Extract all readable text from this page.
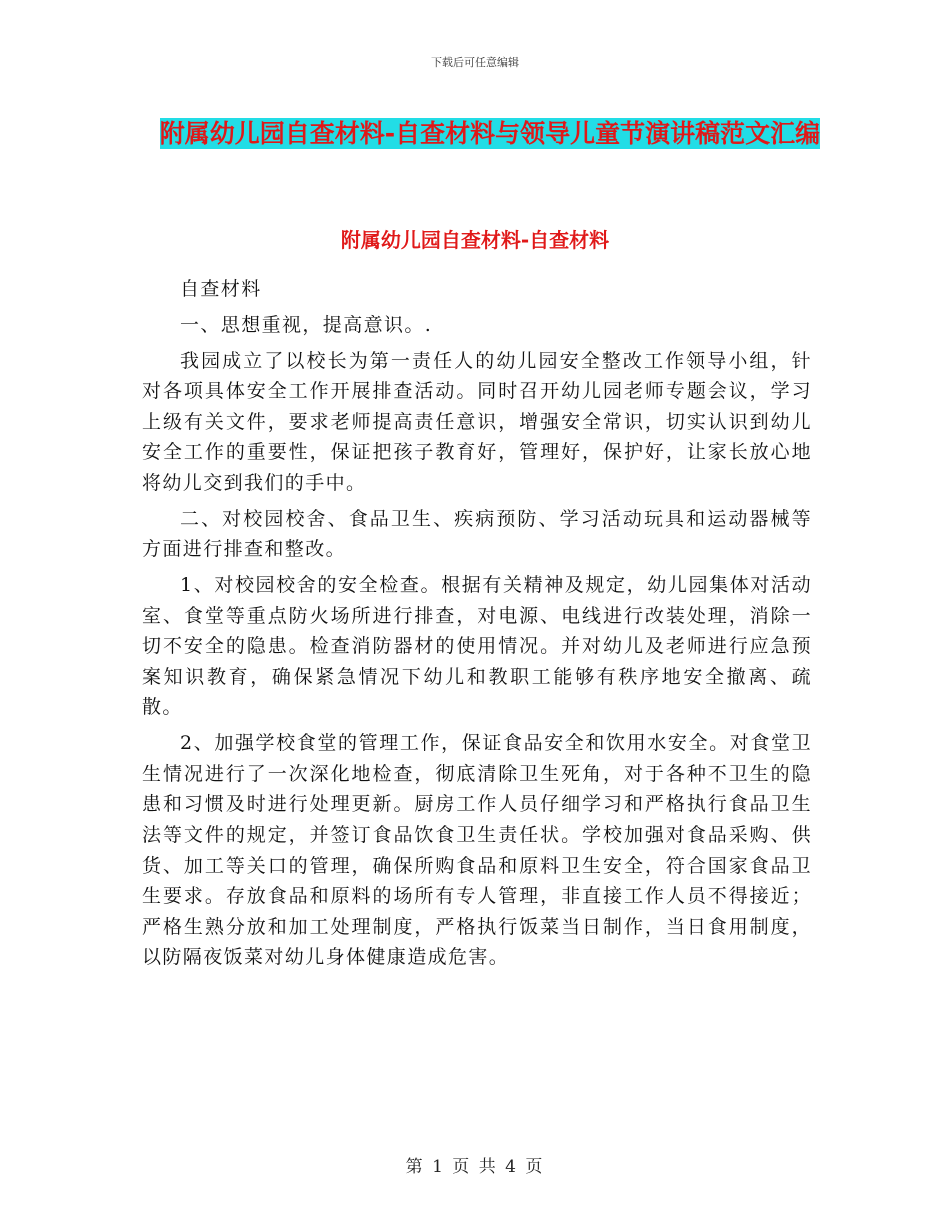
下载后可任意编辑
附属幼儿园自查材料-自查材料与领导儿童节演讲稿范文汇编
附属幼儿园自查材料-自查材料

自查材料

一、思想重视，提高意识。.

我园成立了以校长为第一责任人的幼儿园安全整改工作领导小组，针对各项具体安全工作开展排查活动。同时召开幼儿园老师专题会议，学习上级有关文件，要求老师提高责任意识，增强安全常识，切实认识到幼儿安全工作的重要性，保证把孩子教育好，管理好，保护好，让家长放心地将幼儿交到我们的手中。

二、对校园校舍、食品卫生、疾病预防、学习活动玩具和运动器械等方面进行排查和整改。

1、对校园校舍的安全检查。根据有关精神及规定，幼儿园集体对活动室、食堂等重点防火场所进行排查，对电源、电线进行改装处理，消除一切不安全的隐患。检查消防器材的使用情况。并对幼儿及老师进行应急预案知识教育，确保紧急情况下幼儿和教职工能够有秩序地安全撤离、疏散。

2、加强学校食堂的管理工作，保证食品安全和饮用水安全。对食堂卫生情况进行了一次深化地检查，彻底清除卫生死角，对于各种不卫生的隐患和习惯及时进行处理更新。厨房工作人员仔细学习和严格执行食品卫生法等文件的规定，并签订食品饮食卫生责任状。学校加强对食品采购、供货、加工等关口的管理，确保所购食品和原料卫生安全，符合国家食品卫生要求。存放食品和原料的场所有专人管理，非直接工作人员不得接近；严格生熟分放和加工处理制度，严格执行饭菜当日制作，当日食用制度，以防隔夜饭菜对幼儿身体健康造成危害。

第 1 页 共 4 页
